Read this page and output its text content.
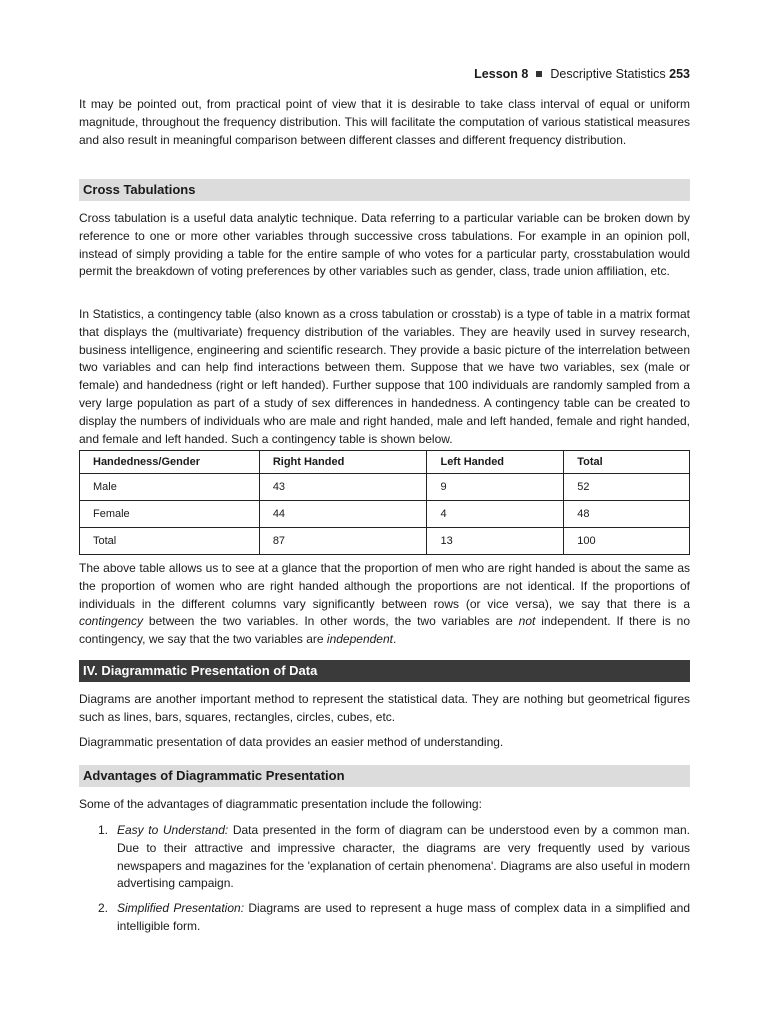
Lesson 8 Descriptive Statistics 253

It may be pointed out, from practical point of view that it is desirable to take class interval of equal or uniform magnitude, throughout the frequency distribution. This will facilitate the computation of various statistical measures and also result in meaningful comparison between different classes and different frequency distribution.

Cross Tabulations

Cross tabulation is a useful data analytic technique. Data referring to a particular variable can be broken down by reference to one or more other variables through successive cross tabulations. For example in an opinion poll, instead of simply providing a table for the entire sample of who votes for a particular party, crosstabulation would permit the breakdown of voting preferences by other variables such as gender, class, trade union affiliation, etc.

In Statistics, a contingency table (also known as a cross tabulation or crosstab) is a type of table in a matrix format that displays the (multivariate) frequency distribution of the variables. They are heavily used in survey research, business intelligence, engineering and scientific research. They provide a basic picture of the interrelation between two variables and can help find interactions between them. Suppose that we have two variables, sex (male or female) and handedness (right or left handed). Further suppose that 100 individuals are randomly sampled from a very large population as part of a study of sex differences in handedness. A contingency table can be created to display the numbers of individuals who are male and right handed, male and left handed, female and right handed, and female and left handed. Such a contingency table is shown below.

Handedness/Gender	Right Handed	Left Handed	Total
Male	43	9	52
Female	44	4	48
Total	87	13	100

The above table allows us to see at a glance that the proportion of men who are right handed is about the same as the proportion of women who are right handed although the proportions are not identical. If the proportions of individuals in the different columns vary significantly between rows (or vice versa), we say that there is a contingency between the two variables. In other words, the two variables are not independent. If there is no contingency, we say that the two variables are independent.

IV. Diagrammatic Presentation of Data

Diagrams are another important method to represent the statistical data. They are nothing but geometrical figures such as lines, bars, squares, rectangles, circles, cubes, etc.

Diagrammatic presentation of data provides an easier method of understanding.

Advantages of Diagrammatic Presentation

Some of the advantages of diagrammatic presentation include the following:

1. Easy to Understand: Data presented in the form of diagram can be understood even by a common man. Due to their attractive and impressive character, the diagrams are very frequently used by various newspapers and magazines for the 'explanation of certain phenomena'. Diagrams are also useful in modern advertising campaign.
2. Simplified Presentation: Diagrams are used to represent a huge mass of complex data in a simplified and intelligible form.
